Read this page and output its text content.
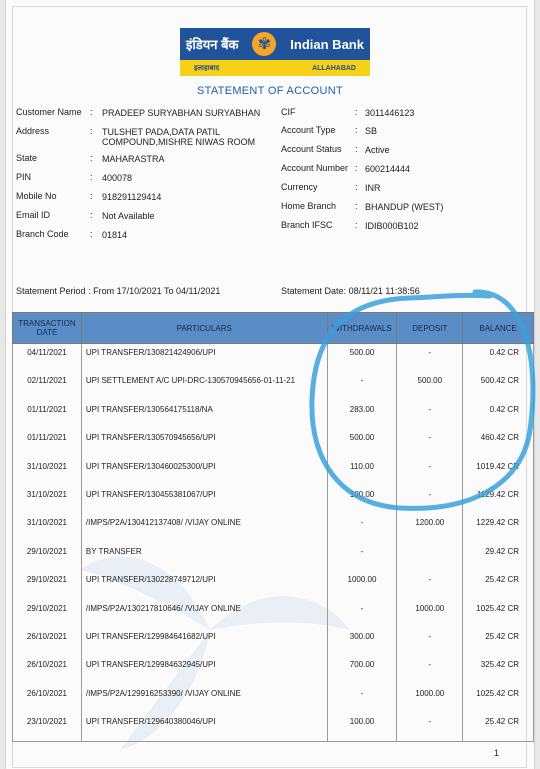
इंडियन बैंक	✾	Indian Bank
इलाहाबाद	ALLAHABAD
STATEMENT OF ACCOUNT
Customer Name : PRADEEP SURYABHAN SURYABHAN
Address	: TULSHET PADA,DATA PATIL
COMPOUND,MISHRE NIWAS ROOM
State	: MAHARASTRA
PIN	: 400078
Mobile No	: 918291129414
Email ID	: Not Available
Branch Code : 01814
CIF	: 3011446123
Account Type : SB
Account Status : Active
Account Number : 600214444
Currency	: INR
Home Branch : BHANDUP (WEST)
Branch IFSC : IDIB000B102
Statement Period : From 17/10/2021 To 04/11/2021	Statement Date: 08/11/21 11:38:56
TRANSACTION
DATE	PARTICULARS	WITHDRAWALS	DEPOSIT	BALANCE
04/11/2021	UPI TRANSFER/130821424906/UPI	500.00	-	0.42 CR
02/11/2021	UPI SETTLEMENT A/C UPI-DRC-130570945656-01-11-21	-	500.00	500.42 CR
01/11/2021	UPI TRANSFER/130564175118/NA	283.00	-	0.42 CR
01/11/2021	UPI TRANSFER/130570945656/UPI	500.00	-	460.42 CR
31/10/2021	UPI TRANSFER/130460025300/UPI	110.00	-	1019.42 CR
31/10/2021	UPI TRANSFER/130455381067/UPI	100.00	-	1129.42 CR
31/10/2021	/IMPS/P2A/130412137408/ /VIJAY ONLINE	-	1200.00	1229.42 CR
29/10/2021	BY TRANSFER	-		29.42 CR
29/10/2021	UPI TRANSFER/130228749712/UPI	1000.00	-	25.42 CR
29/10/2021	/IMPS/P2A/130217810646/ /VIJAY ONLINE	-	1000.00	1025.42 CR
26/10/2021	UPI TRANSFER/129984641682/UPI	300.00	-	25.42 CR
26/10/2021	UPI TRANSFER/129984632945/UPI	700.00	-	325.42 CR
26/10/2021	/IMPS/P2A/129916253390/ /VIJAY ONLINE	-	1000.00	1025.42 CR
23/10/2021	UPI TRANSFER/129640380046/UPI	100.00	-	25.42 CR
1
